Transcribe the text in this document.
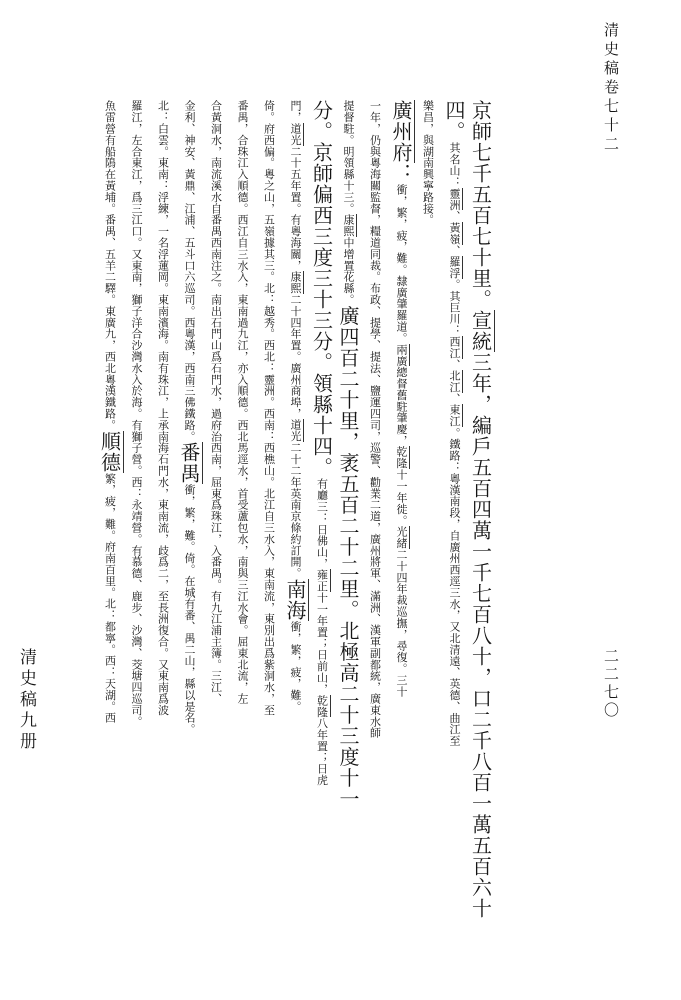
清史稿卷七十二
二二七〇
清史稿九册
京師七千五百七十里。宣統三年，編戶五百四萬一千七百八十，口二千八百一萬五百六十
四。其名山：靈洲、黃嶺、羅浮。其巨川：西江、北江、東江。鐵路：粵漢南段，自廣州西逕三水，又北清遠、英德、曲江至
樂昌，與湖南興寧路接。
廣州府：衝，繁，疲，難。隸廣肇羅道。兩廣總督舊駐肇慶，乾隆十一年徙。光緒二十四年裁巡撫，尋復。三十
一年，仍與粵海關監督，糧道同裁。布政、提學、提法、鹽運四司，巡警、勸業二道，廣州將軍、滿洲、漢軍副都統，廣東水師
提督駐。明領縣十三。康熙中增置花縣。廣四百二十里，袤五百二十二里。北極高二十三度十一
分。京師偏西三度三十三分。領縣十四。有廳三：日佛山，雍正十一年置；日前山，乾隆八年置；日虎
門，道光二十五年置。有粵海關，康熙二十四年置。廣州商埠，道光二十二年英南京條約訂開。南海衝，繁，疲，難。
倚。府西偏。粵之山，五嶺據其三。北：越秀。西北：靈洲。西南：西樵山。北江自三水入，東南流，東別出爲紫洞水，至
番禺，合珠江入順德。西江自三水入，東南過九江，亦入順德。西北馬逕水，首受蘆包水，南與三江水會。屈東北流，左
合黃洞水，南流溪水自番禺西南注之。南出石門山爲石門水，過府治西南，屈東爲珠江，入番禺。有九江浦主簿。三江、
金利、神安、黃鼎、江浦、五斗口六巡司。西粵漢，西南三佛鐵路。番禺衝，繁，難。倚。在城有番、禺二山，縣以是名。
北：白雲。東南：浮練，一名浮蓮岡。東南濱海。南有珠江，上承南海石門水，東南流，歧爲二，至長洲復合。又東南爲波
羅江，左合東江，爲三江口。又東南，獅子洋合沙灣水入於海。有獅子營。西：永靖營。有慕德、鹿步、沙灣、茭塘四巡司。
魚雷營有船隝在黃埔。番禺、五羊二驛。東廣九，西北粵漢鐵路。順德繁，疲，難。府南百里。北：都寧。西：天湖。西
